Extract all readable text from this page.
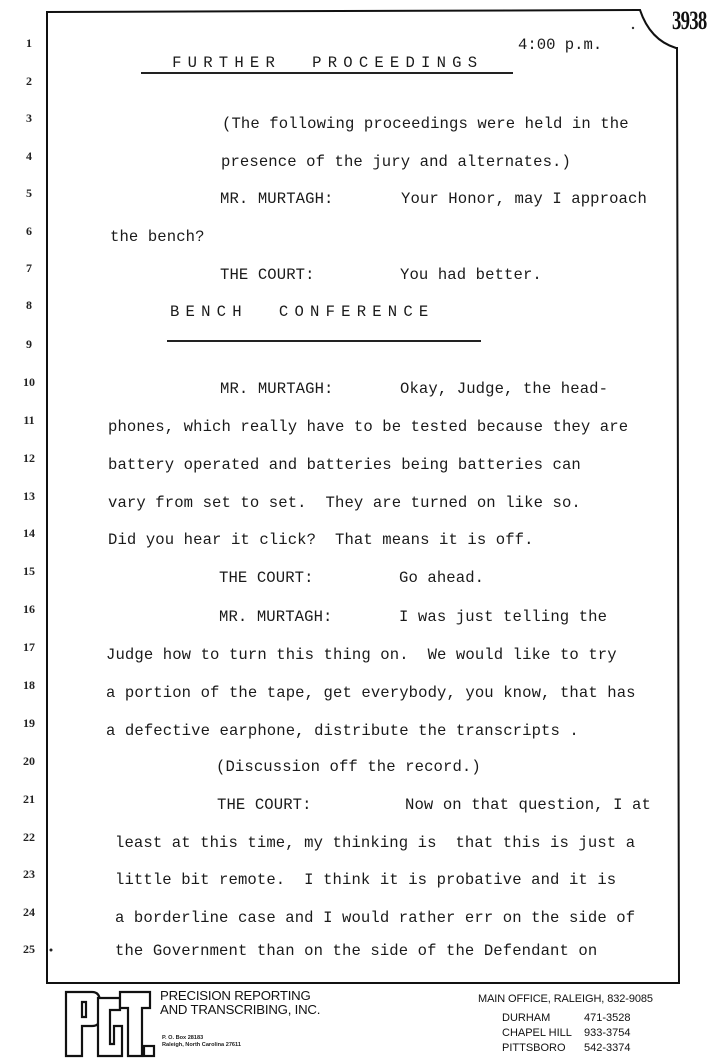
3938
1
2
3
4
5
6
7
8
9
10
11
12
13
14
15
16
17
18
19
20
21
22
23
24
25

FURTHER  PROCEEDINGS

4:00 p.m.
(The following proceedings were held in the
presence of the jury and alternates.)
MR. MURTAGH:	Your Honor, may I approach
the bench?
THE COURT:	You had better.
BENCH  CONFERENCE
MR. MURTAGH:	Okay, Judge, the head-
phones, which really have to be tested because they are
battery operated and batteries being batteries can
vary from set to set.  They are turned on like so.
Did you hear it click?  That means it is off.
THE COURT:	Go ahead.
MR. MURTAGH:	I was just telling the
Judge how to turn this thing on.  We would like to try
a portion of the tape, get everybody, you know, that has
a defective earphone, distribute the transcripts .
(Discussion off the record.)
THE COURT:	Now on that question, I at
least at this time, my thinking is  that this is just a
little bit remote.  I think it is probative and it is
a borderline case and I would rather err on the side of
the Government than on the side of the Defendant on
PRECISION REPORTING
AND TRANSCRIBING, INC.
P. O. Box 28183
Raleigh, North Carolina 27611
MAIN OFFICE, RALEIGH, 832-9085
DURHAM	471-3528
CHAPEL HILL 933-3754
PITTSBORO 542-3374
